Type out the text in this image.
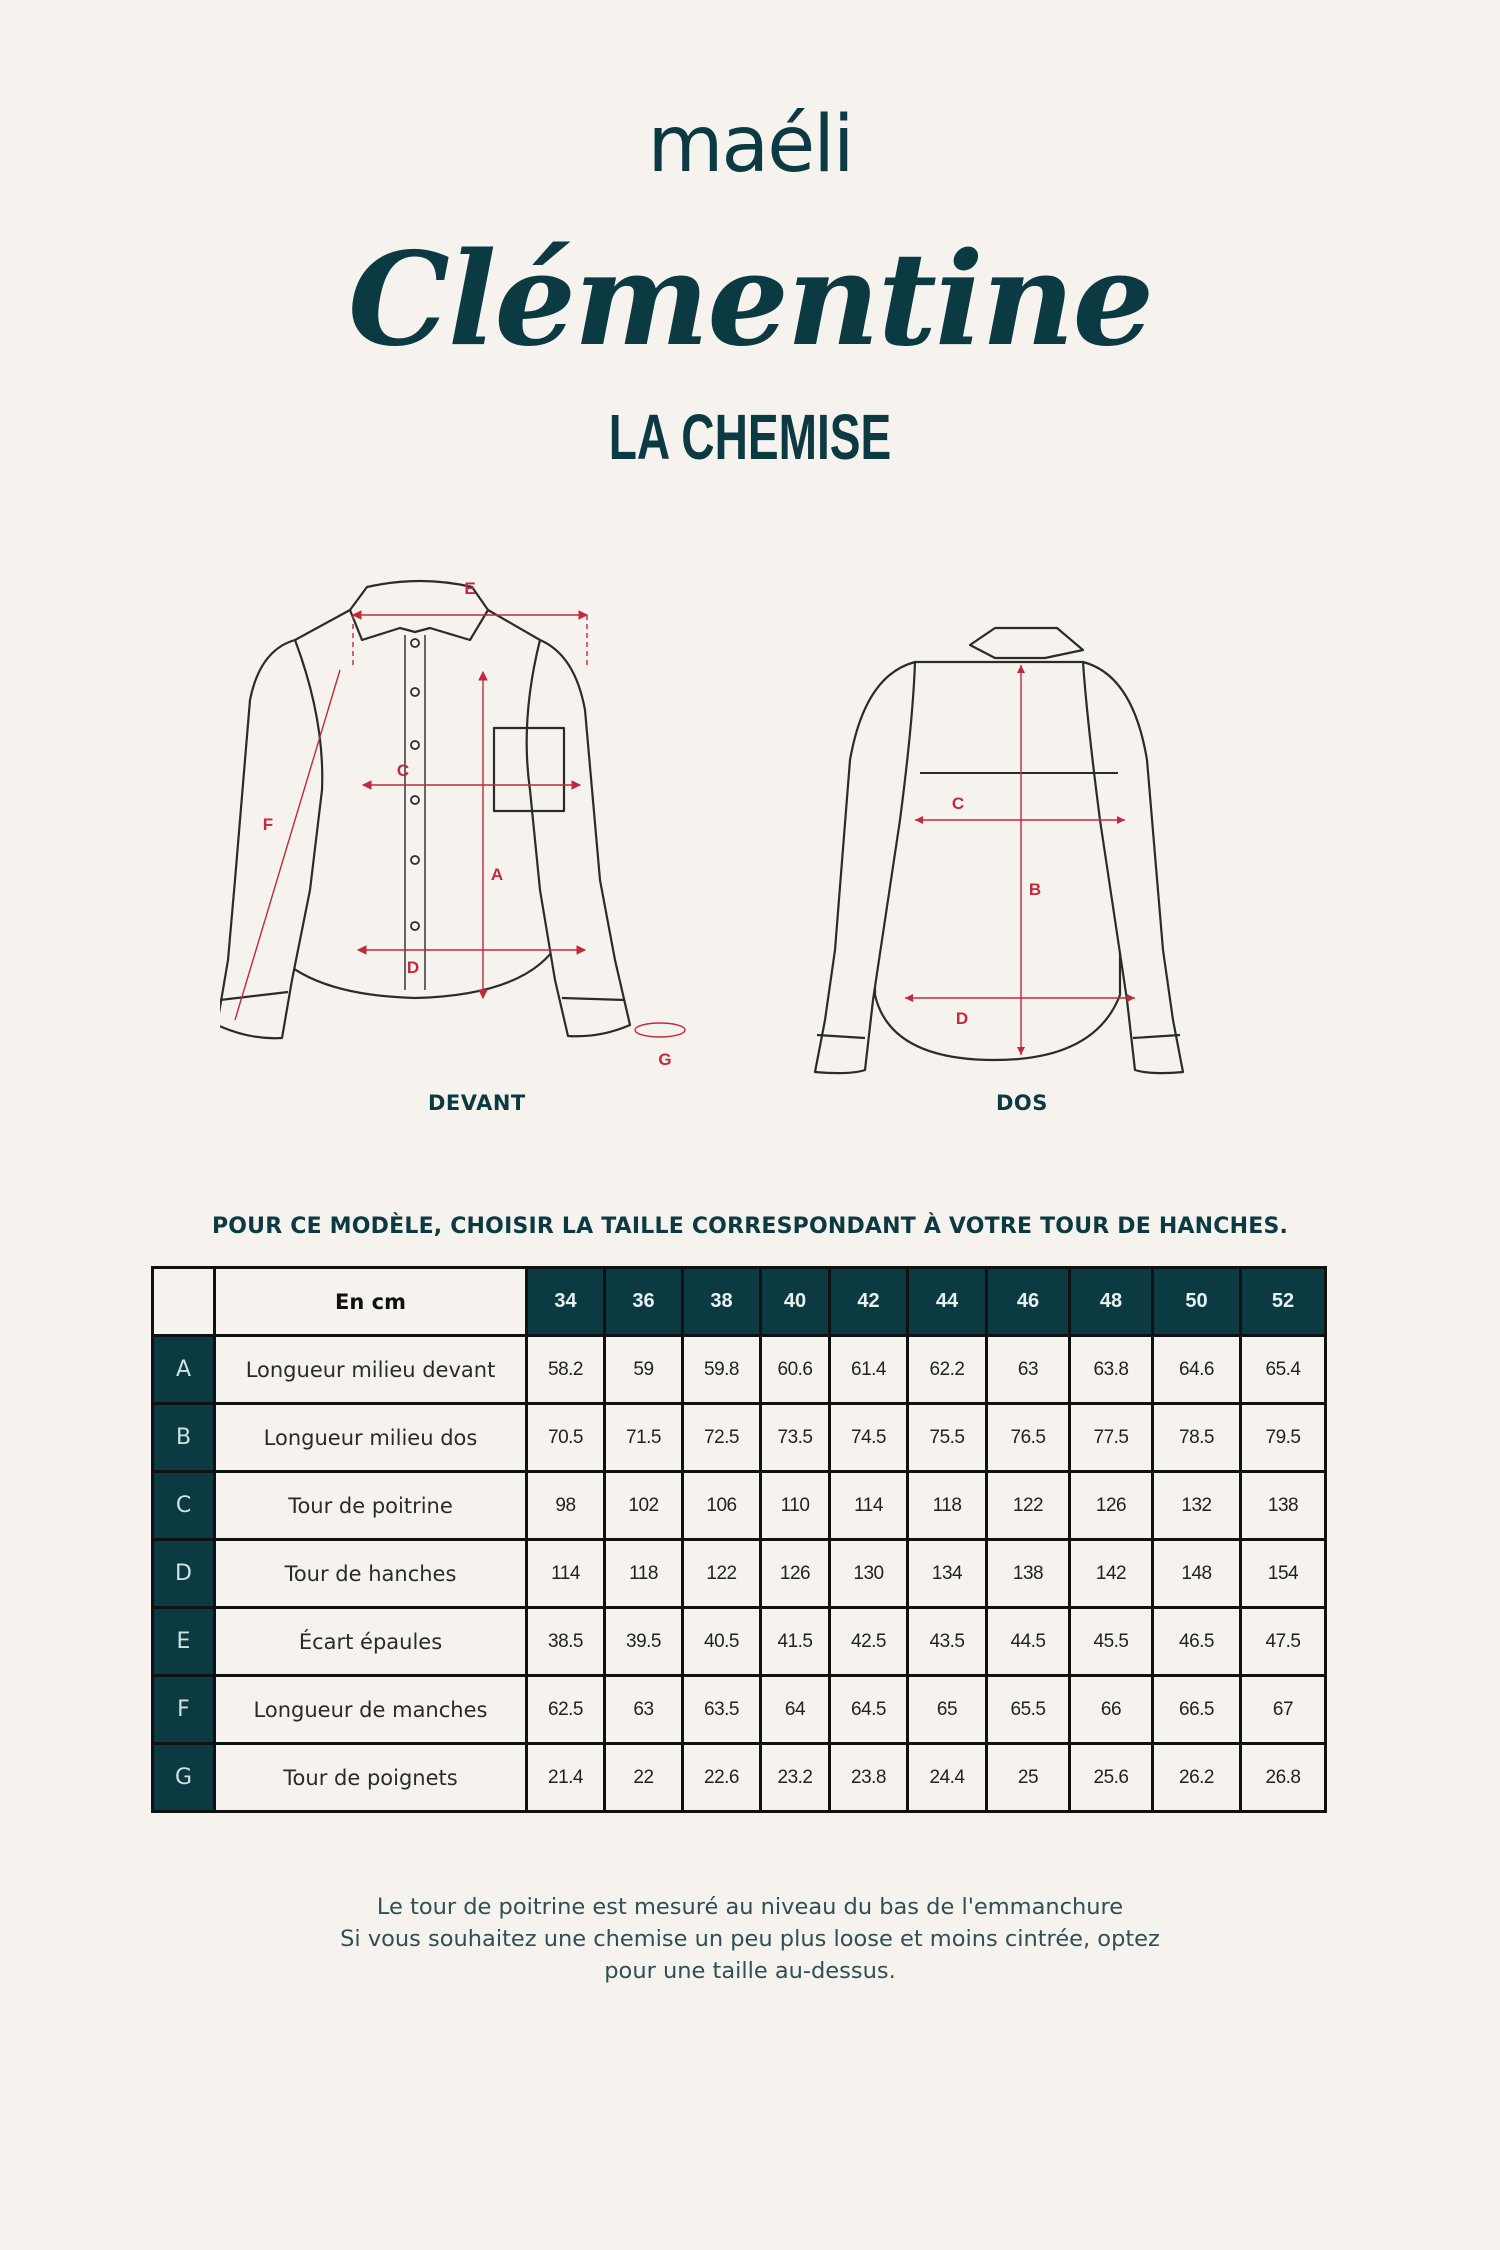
maéli
Clémentine
LA CHEMISE
E
C
F
A
D
G
DEVANT
C
B
D
DOS
POUR CE MODÈLE, CHOISIR LA TAILLE CORRESPONDANT À VOTRE TOUR DE HANCHES.
	En cm	34	36	38	40	42	44	46	48	50	52
A	Longueur milieu devant	58.2	59	59.8	60.6	61.4	62.2	63	63.8	64.6	65.4
B	Longueur milieu dos	70.5	71.5	72.5	73.5	74.5	75.5	76.5	77.5	78.5	79.5
C	Tour de poitrine	98	102	106	110	114	118	122	126	132	138
D	Tour de hanches	114	118	122	126	130	134	138	142	148	154
E	Écart épaules	38.5	39.5	40.5	41.5	42.5	43.5	44.5	45.5	46.5	47.5
F	Longueur de manches	62.5	63	63.5	64	64.5	65	65.5	66	66.5	67
G	Tour de poignets	21.4	22	22.6	23.2	23.8	24.4	25	25.6	26.2	26.8
Le tour de poitrine est mesuré au niveau du bas de l'emmanchure
Si vous souhaitez une chemise un peu plus loose et moins cintrée, optez
pour une taille au-dessus.
